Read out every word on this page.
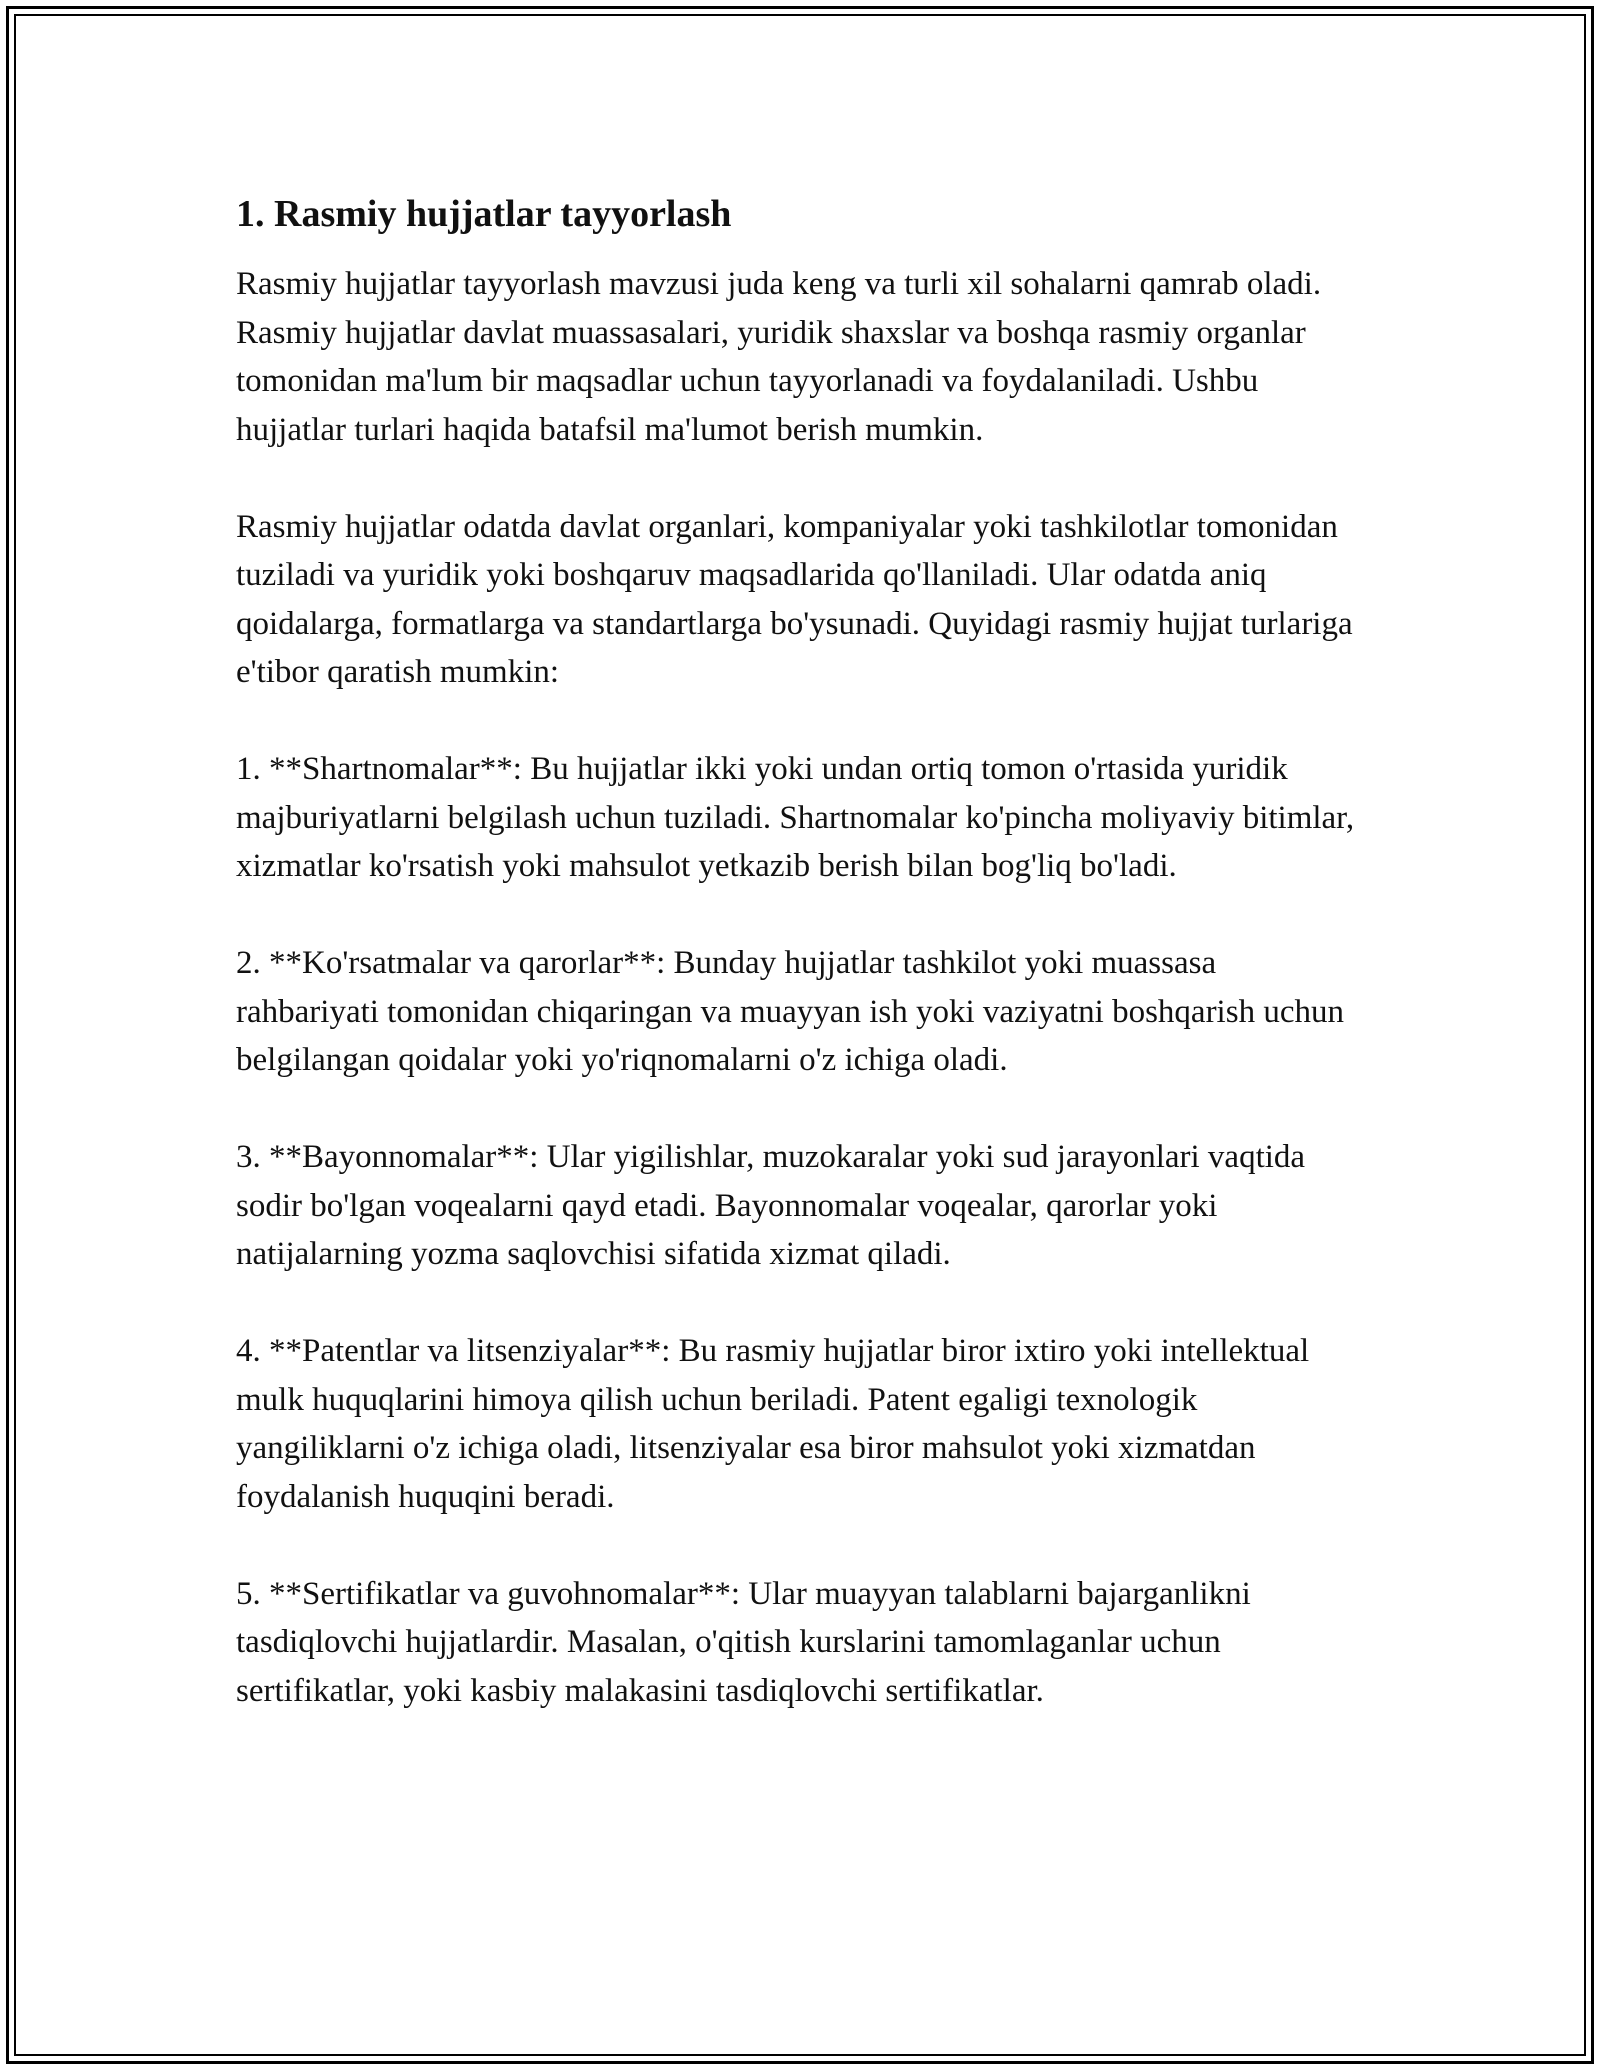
1. Rasmiy hujjatlar tayyorlash

Rasmiy hujjatlar tayyorlash mavzusi juda keng va turli xil sohalarni qamrab oladi. Rasmiy hujjatlar davlat muassasalari, yuridik shaxslar va boshqa rasmiy organlar tomonidan ma'lum bir maqsadlar uchun tayyorlanadi va foydalaniladi. Ushbu hujjatlar turlari haqida batafsil ma'lumot berish mumkin.

Rasmiy hujjatlar odatda davlat organlari, kompaniyalar yoki tashkilotlar tomonidan tuziladi va yuridik yoki boshqaruv maqsadlarida qo'llaniladi. Ular odatda aniq qoidalarga, formatlarga va standartlarga bo'ysunadi. Quyidagi rasmiy hujjat turlariga e'tibor qaratish mumkin:

1. **Shartnomalar**: Bu hujjatlar ikki yoki undan ortiq tomon o'rtasida yuridik majburiyatlarni belgilash uchun tuziladi. Shartnomalar ko'pincha moliyaviy bitimlar, xizmatlar ko'rsatish yoki mahsulot yetkazib berish bilan bog'liq bo'ladi.

2. **Ko'rsatmalar va qarorlar**: Bunday hujjatlar tashkilot yoki muassasa rahbariyati tomonidan chiqaringan va muayyan ish yoki vaziyatni boshqarish uchun belgilangan qoidalar yoki yo'riqnomalarni o'z ichiga oladi.

3. **Bayonnomalar**: Ular yigilishlar, muzokaralar yoki sud jarayonlari vaqtida sodir bo'lgan voqealarni qayd etadi. Bayonnomalar voqealar, qarorlar yoki natijalarning yozma saqlovchisi sifatida xizmat qiladi.

4. **Patentlar va litsenziyalar**: Bu rasmiy hujjatlar biror ixtiro yoki intellektual mulk huquqlarini himoya qilish uchun beriladi. Patent egaligi texnologik yangiliklarni o'z ichiga oladi, litsenziyalar esa biror mahsulot yoki xizmatdan foydalanish huquqini beradi.

5. **Sertifikatlar va guvohnomalar**: Ular muayyan talablarni bajarganlikni tasdiqlovchi hujjatlardir. Masalan, o'qitish kurslarini tamomlaganlar uchun sertifikatlar, yoki kasbiy malakasini tasdiqlovchi sertifikatlar.
